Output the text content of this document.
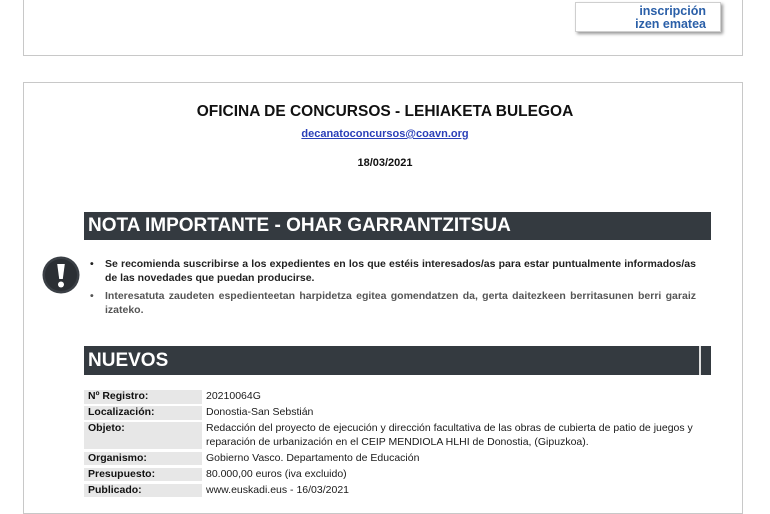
inscripción
izen ematea
OFICINA DE CONCURSOS - LEHIAKETA BULEGOA
decanatoconcursos@coavn.org
18/03/2021
NOTA IMPORTANTE - OHAR GARRANTZITSUA
• Se recomienda suscribirse a los expedientes en los que estéis interesados/as para estar puntualmente informados/as de las novedades que puedan producirse.
• Interesatuta zaudeten espedienteetan harpidetza egitea gomendatzen da, gerta daitezkeen berritasunen berri garaiz izateko.
NUEVOS
Nº Registro:	20210064G
Localización:	Donostia-San Sebstián
Objeto:	Redacción del proyecto de ejecución y dirección facultativa de las obras de cubierta de patio de juegos y reparación de urbanización en el CEIP MENDIOLA HLHI de Donostia, (Gipuzkoa).
Organismo:	Gobierno Vasco. Departamento de Educación
Presupuesto:	80.000,00 euros (iva excluido)
Publicado:	www.euskadi.eus - 16/03/2021
